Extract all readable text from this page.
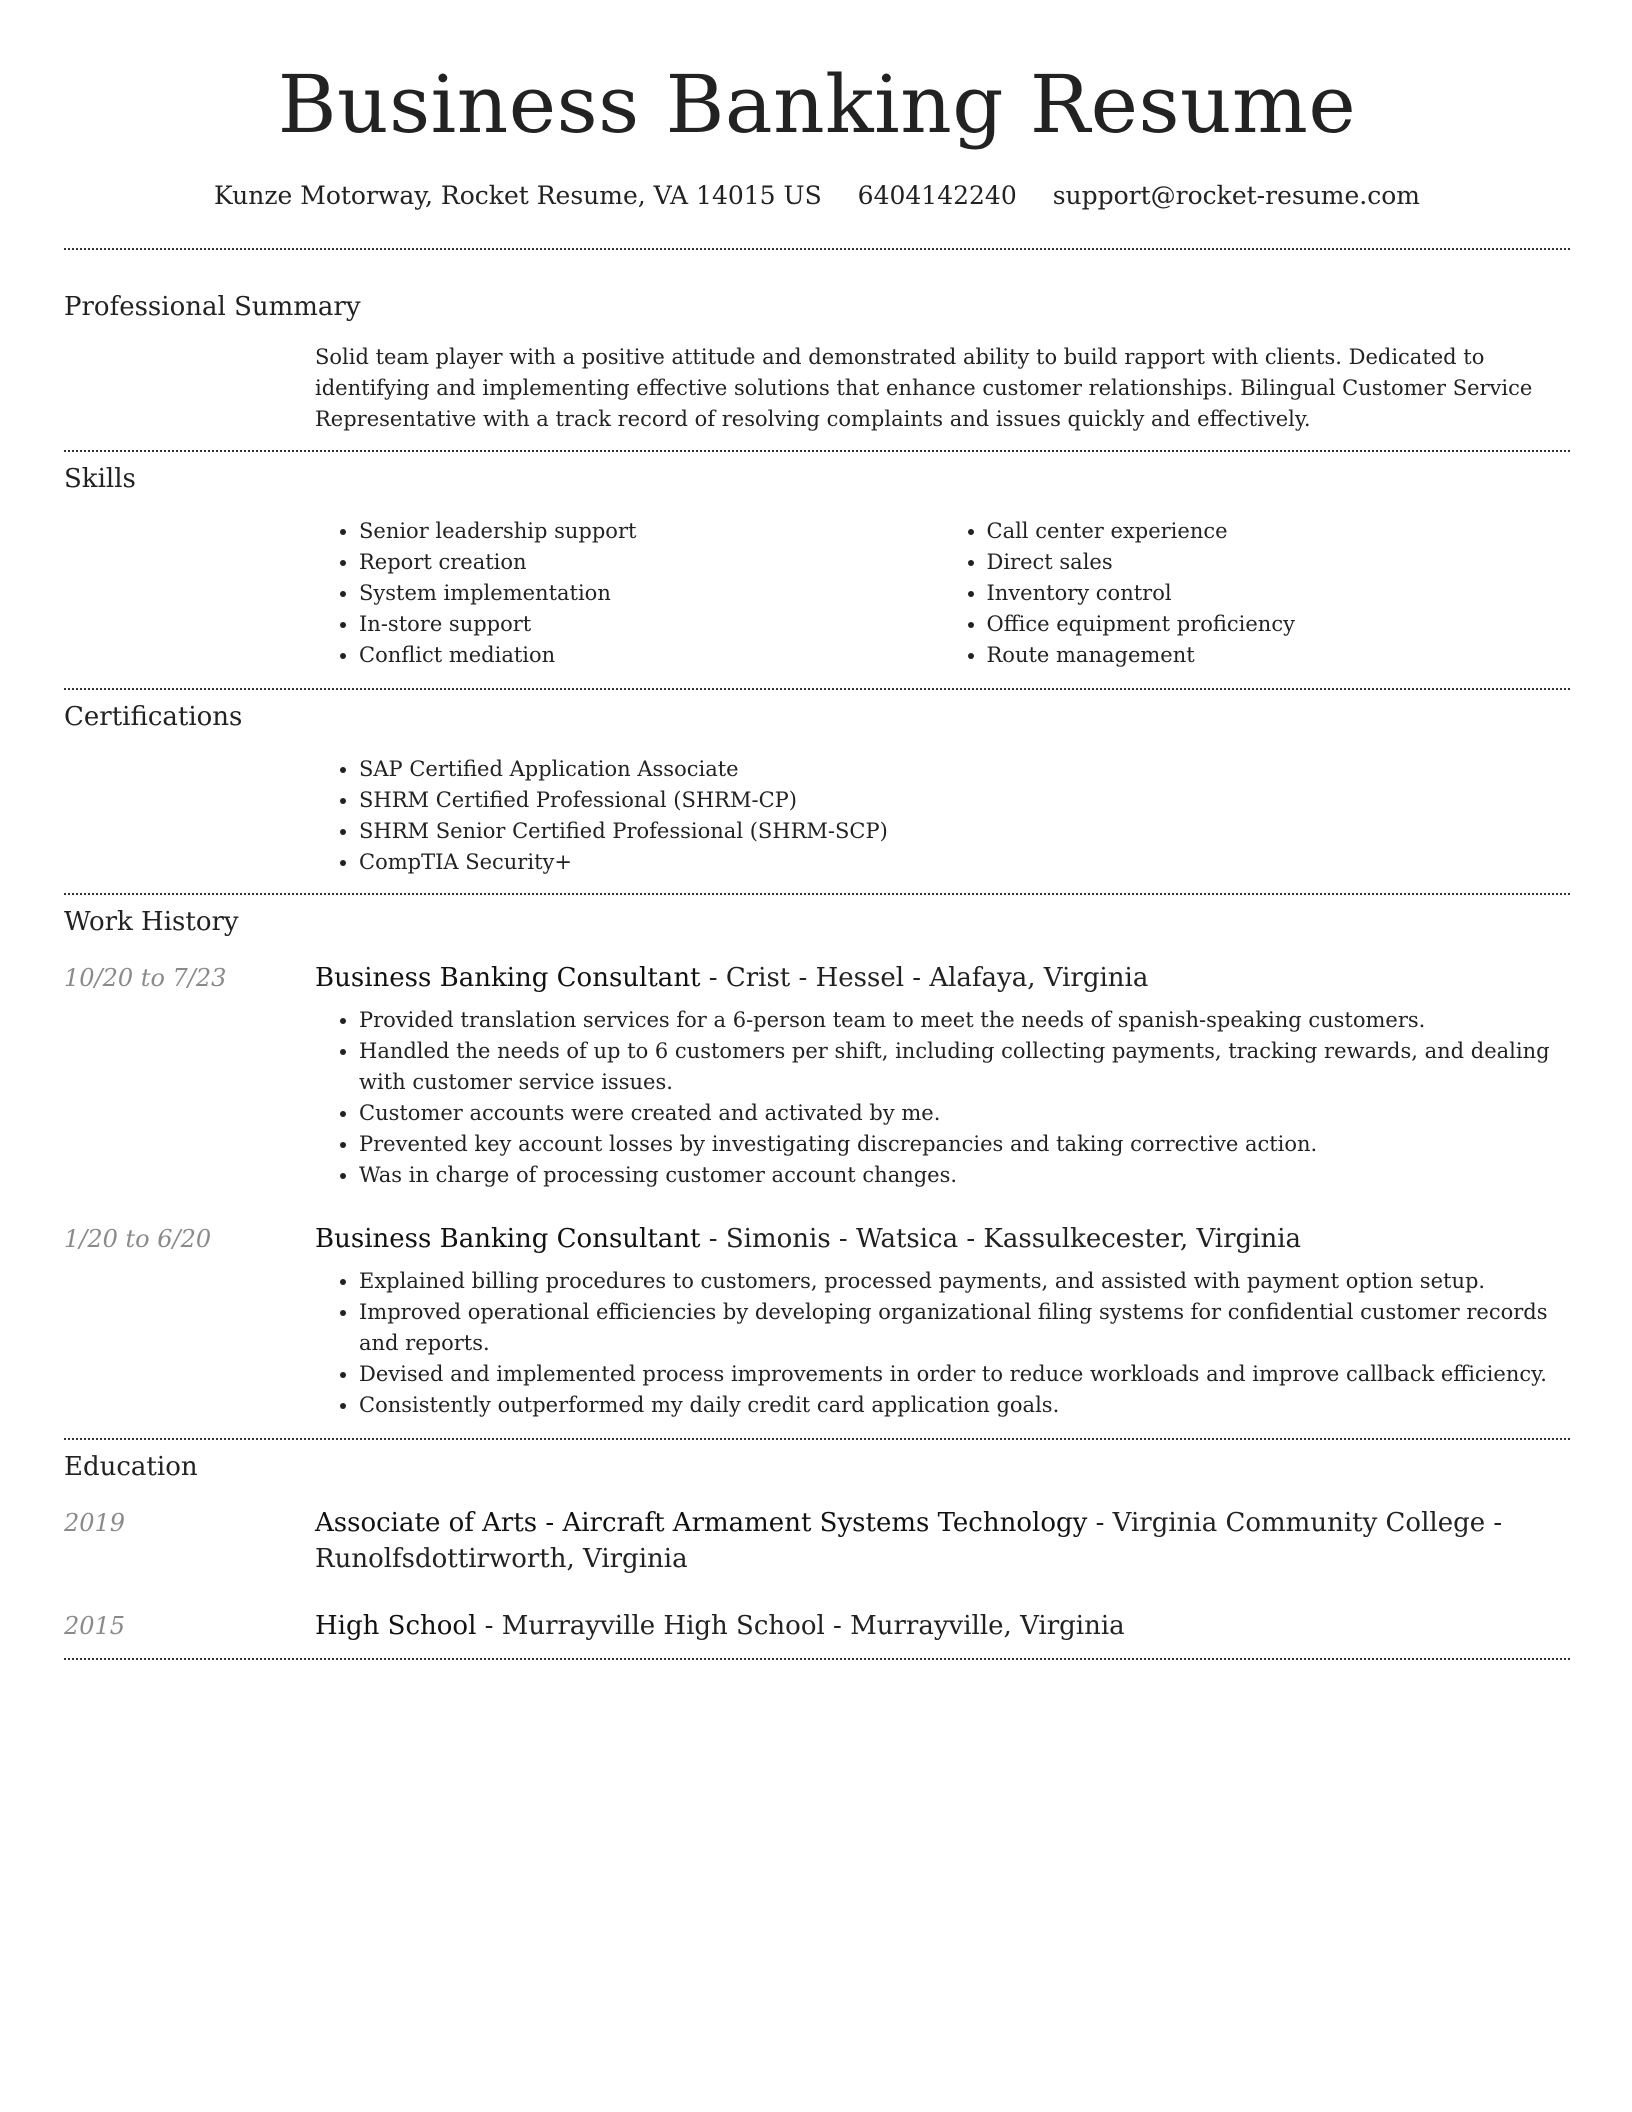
Business Banking Resume
Kunze Motorway, Rocket Resume, VA 14015 US 6404142240 support@rocket-resume.com
Professional Summary

Solid team player with a positive attitude and demonstrated ability to build rapport with clients. Dedicated to identifying and implementing effective solutions that enhance customer relationships. Bilingual Customer Service Representative with a track record of resolving complaints and issues quickly and effectively.

Skills
• Senior leadership support
• Report creation
• System implementation
• In-store support
• Conflict mediation
• Call center experience
• Direct sales
• Inventory control
• Office equipment proficiency
• Route management
Certifications
• SAP Certified Application Associate
• SHRM Certified Professional (SHRM-CP)
• SHRM Senior Certified Professional (SHRM-SCP)
• CompTIA Security+
Work History
10/20 to 7/23	Business Banking Consultant - Crist - Hessel - Alafaya, Virginia
• Provided translation services for a 6-person team to meet the needs of spanish-speaking customers.
• Handled the needs of up to 6 customers per shift, including collecting payments, tracking rewards, and dealing with customer service issues.
• Customer accounts were created and activated by me.
• Prevented key account losses by investigating discrepancies and taking corrective action.
• Was in charge of processing customer account changes.
1/20 to 6/20	Business Banking Consultant - Simonis - Watsica - Kassulkecester, Virginia
• Explained billing procedures to customers, processed payments, and assisted with payment option setup.
• Improved operational efficiencies by developing organizational filing systems for confidential customer records and reports.
• Devised and implemented process improvements in order to reduce workloads and improve callback efficiency.
• Consistently outperformed my daily credit card application goals.
Education
2019	Associate of Arts - Aircraft Armament Systems Technology - Virginia Community College - Runolfsdottirworth, Virginia
2015	High School - Murrayville High School - Murrayville, Virginia
